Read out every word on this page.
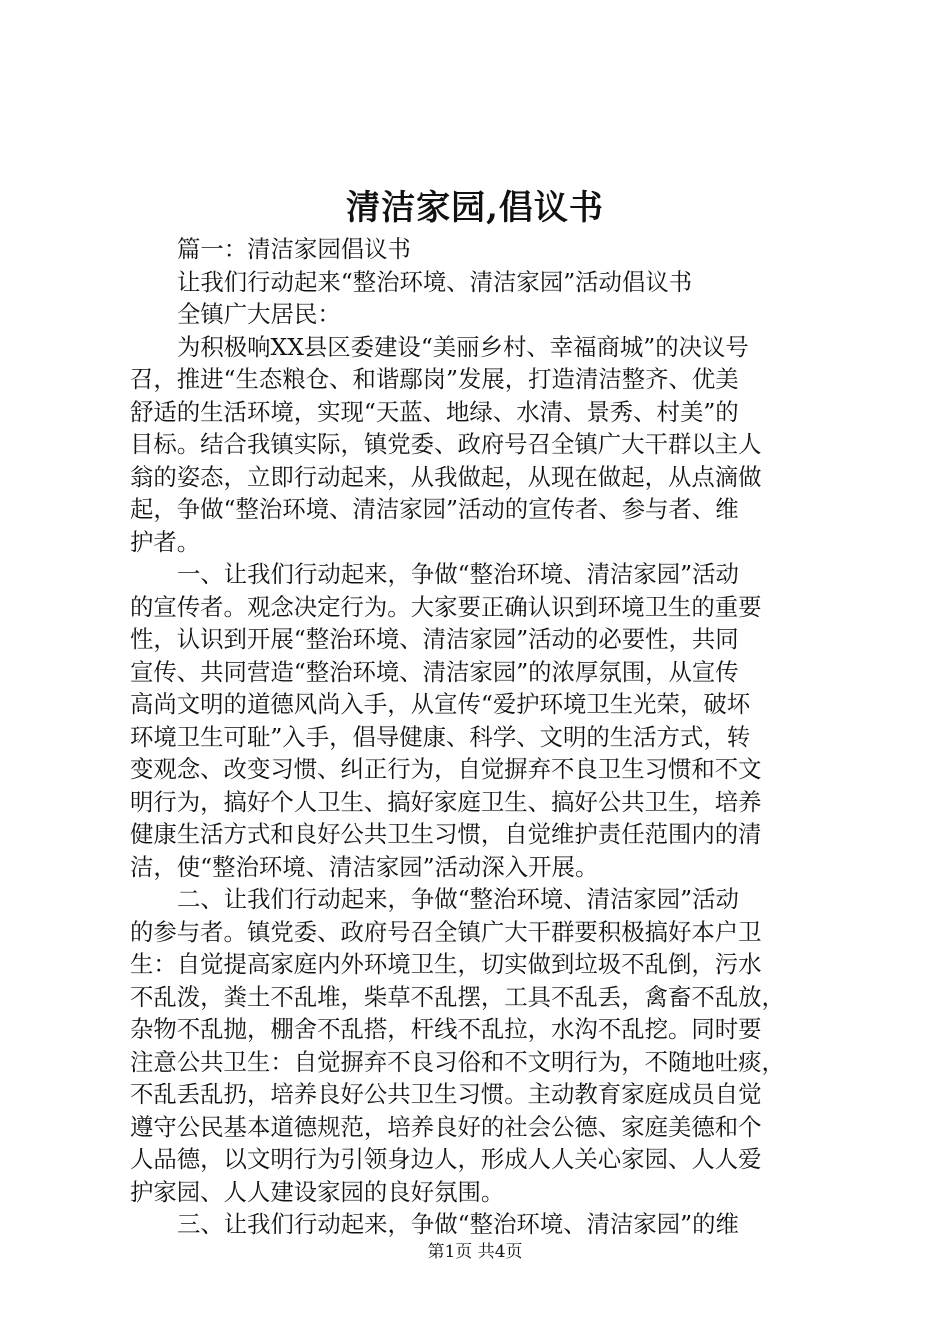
清洁家园,倡议书
篇一：清洁家园倡议书
让我们行动起来“整治环境、清洁家园”活动倡议书
全镇广大居民：
为积极响XX县区委建设“美丽乡村、幸福商城”的决议号
召，推进“生态粮仓、和谐鄢岗”发展，打造清洁整齐、优美
舒适的生活环境，实现“天蓝、地绿、水清、景秀、村美”的
目标。结合我镇实际，镇党委、政府号召全镇广大干群以主人
翁的姿态，立即行动起来，从我做起，从现在做起，从点滴做
起，争做“整治环境、清洁家园”活动的宣传者、参与者、维
护者。
一、让我们行动起来，争做“整治环境、清洁家园”活动
的宣传者。观念决定行为。大家要正确认识到环境卫生的重要
性，认识到开展“整治环境、清洁家园”活动的必要性，共同
宣传、共同营造“整治环境、清洁家园”的浓厚氛围，从宣传
高尚文明的道德风尚入手，从宣传“爱护环境卫生光荣，破坏
环境卫生可耻”入手，倡导健康、科学、文明的生活方式，转
变观念、改变习惯、纠正行为，自觉摒弃不良卫生习惯和不文
明行为，搞好个人卫生、搞好家庭卫生、搞好公共卫生，培养
健康生活方式和良好公共卫生习惯，自觉维护责任范围内的清
洁，使“整治环境、清洁家园”活动深入开展。
二、让我们行动起来，争做“整治环境、清洁家园”活动
的参与者。镇党委、政府号召全镇广大干群要积极搞好本户卫
生：自觉提高家庭内外环境卫生，切实做到垃圾不乱倒，污水
不乱泼，粪土不乱堆，柴草不乱摆，工具不乱丢，禽畜不乱放，
杂物不乱抛，棚舍不乱搭，杆线不乱拉，水沟不乱挖。同时要
注意公共卫生：自觉摒弃不良习俗和不文明行为，不随地吐痰，
不乱丢乱扔，培养良好公共卫生习惯。主动教育家庭成员自觉
遵守公民基本道德规范，培养良好的社会公德、家庭美德和个
人品德，以文明行为引领身边人，形成人人关心家园、人人爱
护家园、人人建设家园的良好氛围。
三、让我们行动起来，争做“整治环境、清洁家园”的维
第1页 共4页
